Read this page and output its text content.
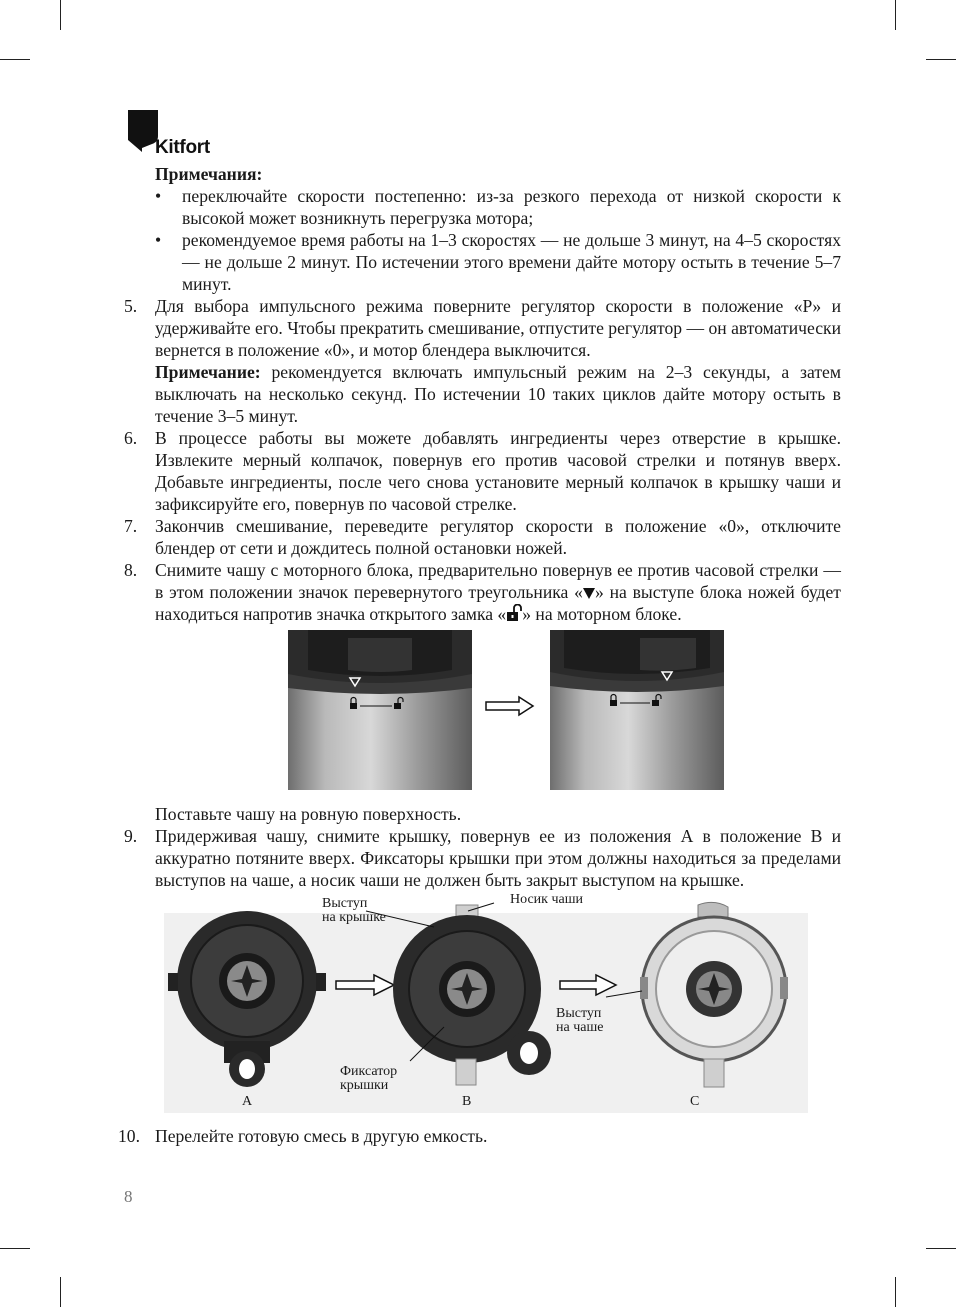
Kitfort

Примечания:

• переключайте скорости постепенно: из-за резкого перехода от низкой скорости к высокой может возникнуть перегрузка мотора;
• рекомендуемое время работы на 1–3 скоростях — не дольше 3 минут, на 4–5 скоростях — не дольше 2 минут. По истечении этого времени дайте мотору остыть в течение 5–7 минут.
5. Для выбора импульсного режима поверните регулятор скорости в положение «P» и удерживайте его. Чтобы прекратить смешивание, отпустите регулятор — он автоматически вернется в положение «0», и мотор блендера выключится.
Примечание: рекомендуется включать импульсный режим на 2–3 секунды, а затем выключать на несколько секунд. По истечении 10 таких циклов дайте мотору остыть в течение 3–5 минут.
6. В процессе работы вы можете добавлять ингредиенты через отверстие в крышке. Извлеките мерный колпачок, повернув его против часовой стрелки и потянув вверх. Добавьте ингредиенты, после чего снова установите мерный колпачок в крышку чаши и зафиксируйте его, повернув по часовой стрелке.
7. Закончив смешивание, переведите регулятор скорости в положение «0», отключите блендер от сети и дождитесь полной остановки ножей.
8. Снимите чашу с моторного блока, предварительно повернув ее против часовой стрелки — в этом положении значок перевернутого треугольника « » на выступе блока ножей будет находиться напротив значка открытого замка « » на моторном блоке.

Поставьте чашу на ровную поверхность.

9. Придерживая чашу, снимите крышку, повернув ее из положения А в положение В и аккуратно потяните вверх. Фиксаторы крышки при этом должны находиться за пределами выступов на чаше, а носик чаши не должен быть закрыт выступом на крышке.
Выступ
на крышке
Носик чаши
Выступ
на чаше
Фиксатор
крышки
A	B	C
10. Перелейте готовую смесь в другую емкость.
8
